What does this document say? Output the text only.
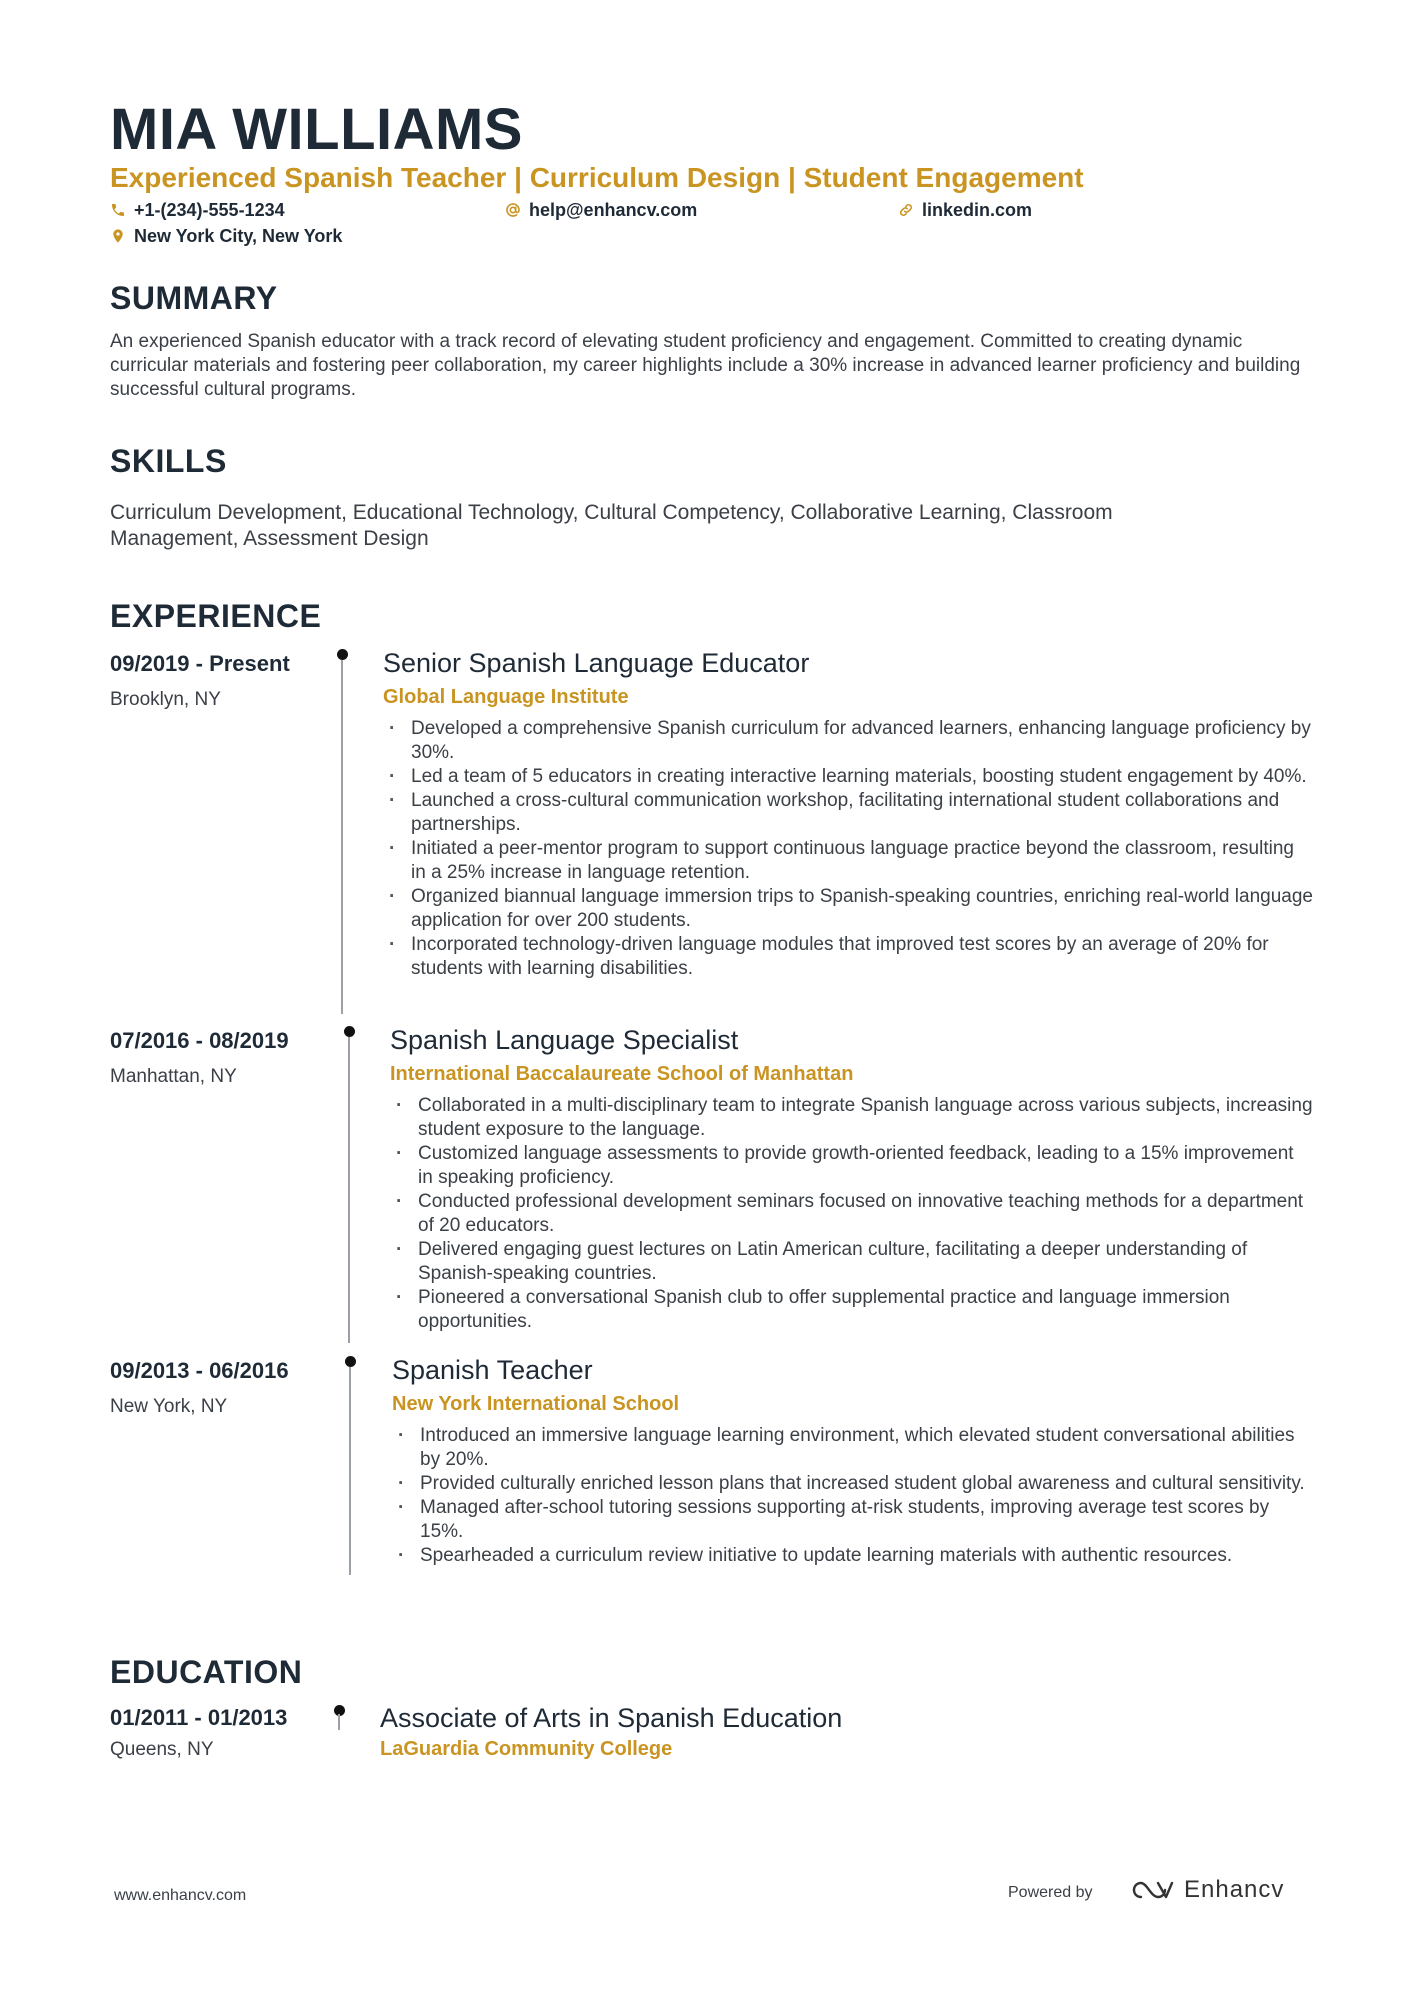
MIA WILLIAMS
Experienced Spanish Teacher | Curriculum Design | Student Engagement
+1-(234)-555-1234	help@enhancv.com	linkedin.com
New York City, New York
SUMMARY

An experienced Spanish educator with a track record of elevating student proficiency and engagement. Committed to creating dynamic curricular materials and fostering peer collaboration, my career highlights include a 30% increase in advanced learner proficiency and building successful cultural programs.

SKILLS

Curriculum Development, Educational Technology, Cultural Competency, Collaborative Learning, Classroom Management, Assessment Design

EXPERIENCE
09/2019 - Present
Brooklyn, NY
Senior Spanish Language Educator
Global Language Institute
· Developed a comprehensive Spanish curriculum for advanced learners, enhancing language proficiency by 30%.
· Led a team of 5 educators in creating interactive learning materials, boosting student engagement by 40%.
· Launched a cross-cultural communication workshop, facilitating international student collaborations and partnerships.
· Initiated a peer-mentor program to support continuous language practice beyond the classroom, resulting in a 25% increase in language retention.
· Organized biannual language immersion trips to Spanish-speaking countries, enriching real-world language application for over 200 students.
· Incorporated technology-driven language modules that improved test scores by an average of 20% for students with learning disabilities.
07/2016 - 08/2019
Manhattan, NY
Spanish Language Specialist
International Baccalaureate School of Manhattan
· Collaborated in a multi-disciplinary team to integrate Spanish language across various subjects, increasing student exposure to the language.
· Customized language assessments to provide growth-oriented feedback, leading to a 15% improvement in speaking proficiency.
· Conducted professional development seminars focused on innovative teaching methods for a department of 20 educators.
· Delivered engaging guest lectures on Latin American culture, facilitating a deeper understanding of Spanish-speaking countries.
· Pioneered a conversational Spanish club to offer supplemental practice and language immersion opportunities.
09/2013 - 06/2016
New York, NY
Spanish Teacher
New York International School
· Introduced an immersive language learning environment, which elevated student conversational abilities by 20%.
· Provided culturally enriched lesson plans that increased student global awareness and cultural sensitivity.
· Managed after-school tutoring sessions supporting at-risk students, improving average test scores by 15%.
· Spearheaded a curriculum review initiative to update learning materials with authentic resources.
EDUCATION
01/2011 - 01/2013
Queens, NY
Associate of Arts in Spanish Education
LaGuardia Community College
www.enhancv.com	Powered by	Enhancv
